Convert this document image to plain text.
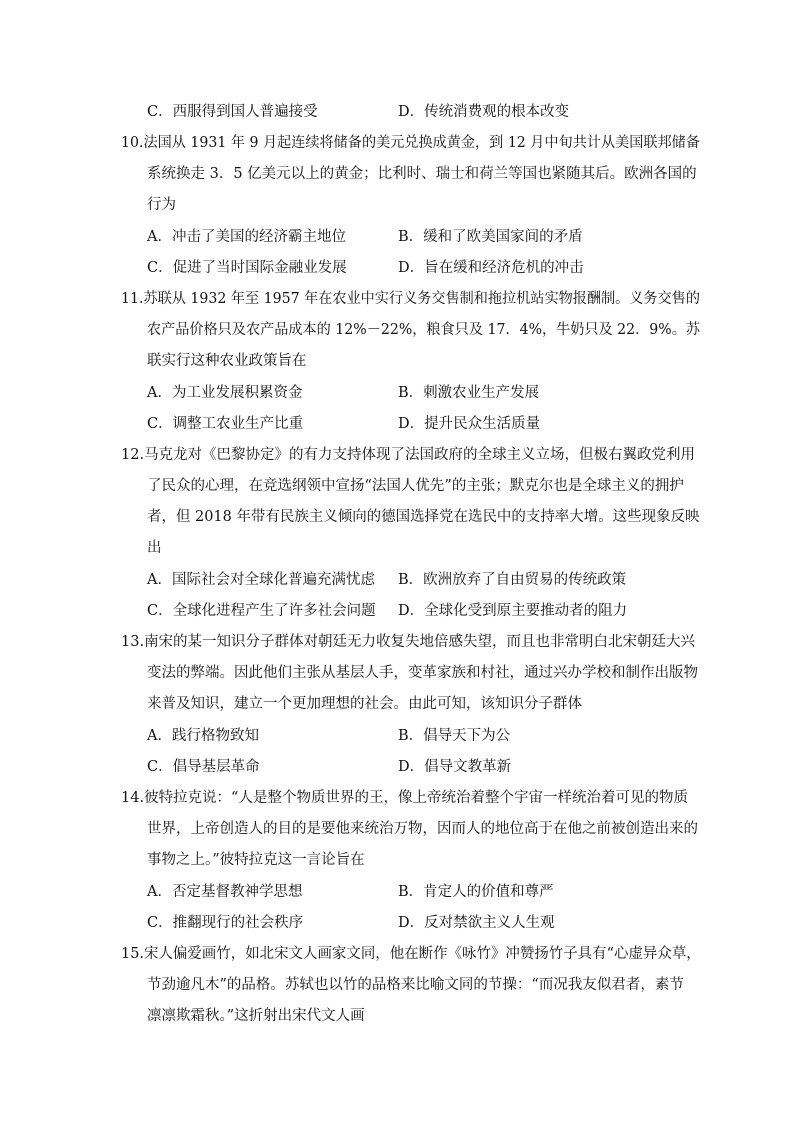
C．西服得到国人普遍接受	D．传统消费观的根本改变
10.法国从 1931 年 9 月起连续将储备的美元兑换成黄金，到 12 月中旬共计从美国联邦储备
系统换走 3．5 亿美元以上的黄金；比利时、瑞士和荷兰等国也紧随其后。欧洲各国的
行为
A．冲击了美国的经济霸主地位	B．缓和了欧美国家间的矛盾
C．促进了当时国际金融业发展	D．旨在缓和经济危机的冲击
11.苏联从 1932 年至 1957 年在农业中实行义务交售制和拖拉机站实物报酬制。义务交售的
农产品价格只及农产品成本的 12%－22%，粮食只及 17．4%，牛奶只及 22．9%。苏
联实行这种农业政策旨在
A．为工业发展积累资金	B．刺激农业生产发展
C．调整工农业生产比重	D．提升民众生活质量
12.马克龙对《巴黎协定》的有力支持体现了法国政府的全球主义立场，但极右翼政党利用
了民众的心理，在竞选纲领中宣扬“法国人优先”的主张；默克尔也是全球主义的拥护
者，但 2018 年带有民族主义倾向的德国选择党在选民中的支持率大增。这些现象反映
出
A．国际社会对全球化普遍充满忧虑 B．欧洲放弃了自由贸易的传统政策
C．全球化进程产生了许多社会问题 D．全球化受到原主要推动者的阻力
13.南宋的某一知识分子群体对朝廷无力收复失地倍感失望，而且也非常明白北宋朝廷大兴
变法的弊端。因此他们主张从基层人手，变革家族和村社，通过兴办学校和制作出版物
来普及知识，建立一个更加理想的社会。由此可知，该知识分子群体
A．践行格物致知	B．倡导天下为公
C．倡导基层革命	D．倡导文教革新
14.彼特拉克说：“人是整个物质世界的王，像上帝统治着整个宇宙一样统治着可见的物质
世界，上帝创造人的目的是要他来统治万物，因而人的地位高于在他之前被创造出来的
事物之上。”彼特拉克这一言论旨在
A．否定基督教神学思想	B．肯定人的价值和尊严
C．推翻现行的社会秩序	D．反对禁欲主义人生观
15.宋人偏爱画竹，如北宋文人画家文同，他在断作《咏竹》冲赞扬竹子具有“心虚异众草，
节劲逾凡木”的品格。苏轼也以竹的品格来比喻文同的节操：“而况我友似君者，素节
凛凛欺霜秋。”这折射出宋代文人画
